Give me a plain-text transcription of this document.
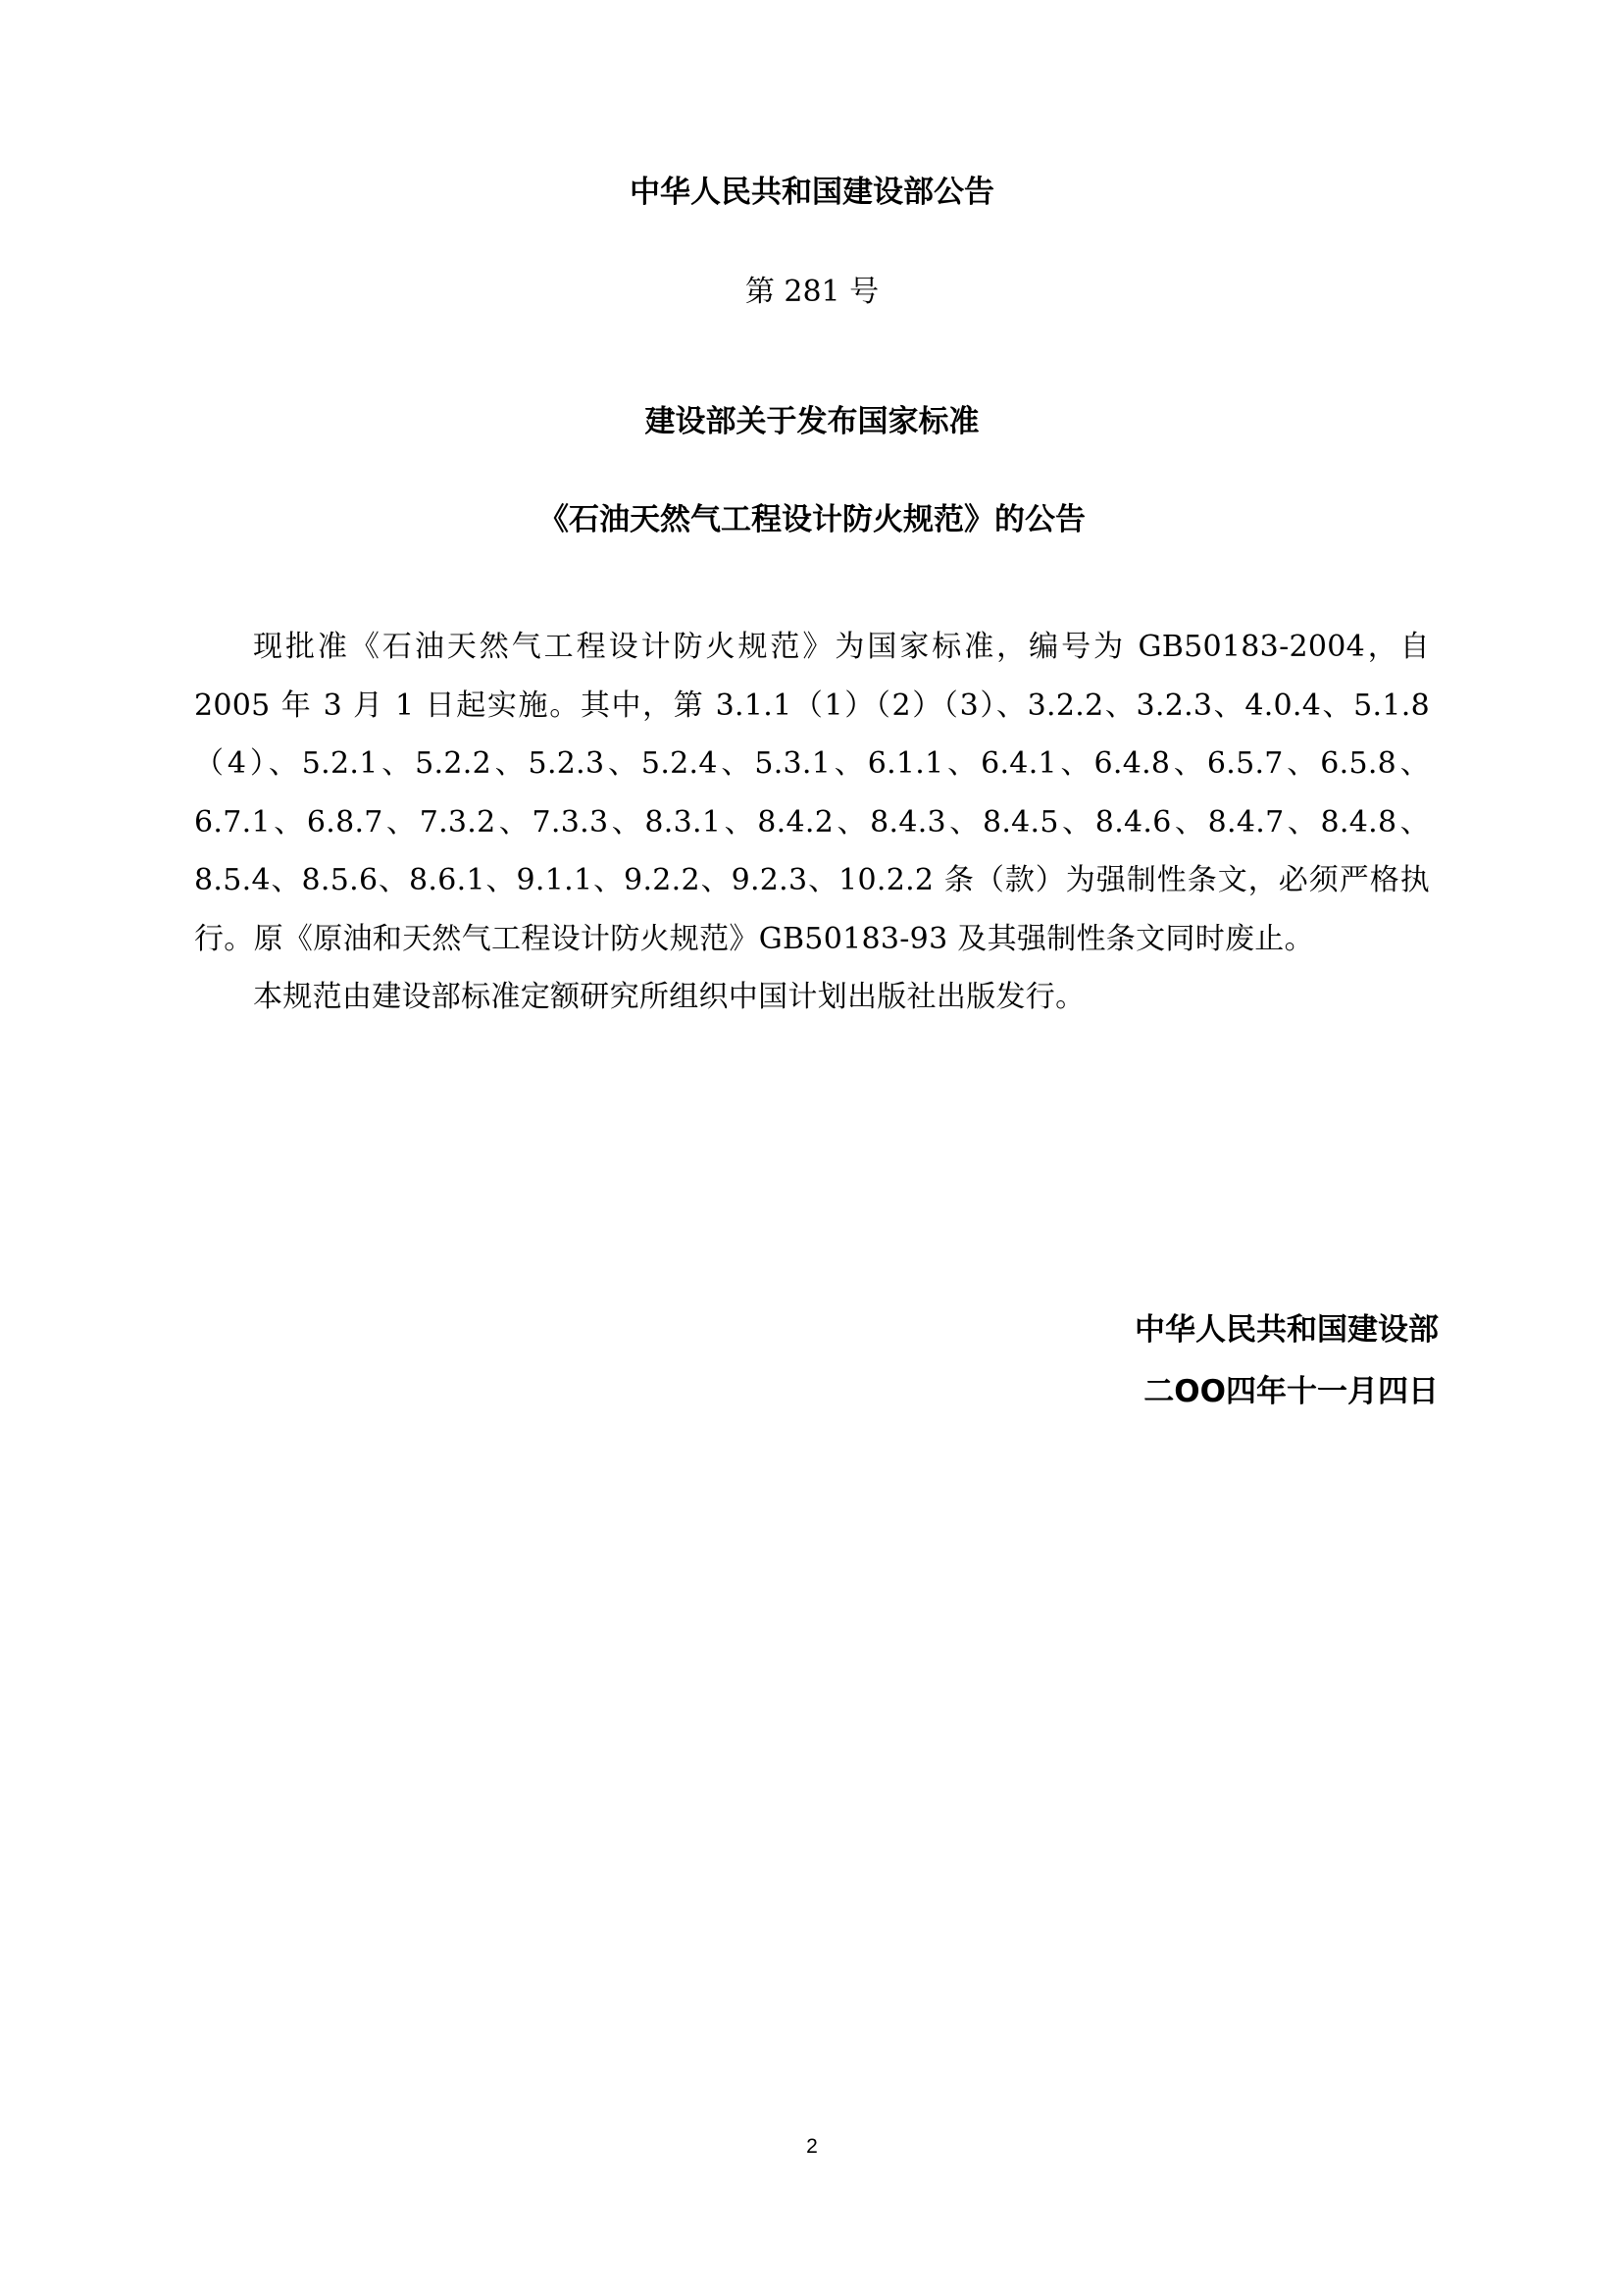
中华人民共和国建设部公告
第 281 号
建设部关于发布国家标准
《石油天然气工程设计防火规范》的公告

现批准《石油天然气工程设计防火规范》为国家标准，编号为 GB50183-2004，自 2005 年 3 月 1 日起实施。其中，第 3.1.1（1）（2）（3）、3.2.2、3.2.3、4.0.4、5.1.8（4）、5.2.1、5.2.2、5.2.3、5.2.4、5.3.1、6.1.1、6.4.1、6.4.8、6.5.7、6.5.8、6.7.1、6.8.7、7.3.2、7.3.3、8.3.1、8.4.2、8.4.3、8.4.5、8.4.6、8.4.7、8.4.8、8.5.4、8.5.6、8.6.1、9.1.1、9.2.2、9.2.3、10.2.2 条（款）为强制性条文，必须严格执行。原《原油和天然气工程设计防火规范》GB50183-93 及其强制性条文同时废止。

本规范由建设部标准定额研究所组织中国计划出版社出版发行。

中华人民共和国建设部
二OO四年十一月四日
2
